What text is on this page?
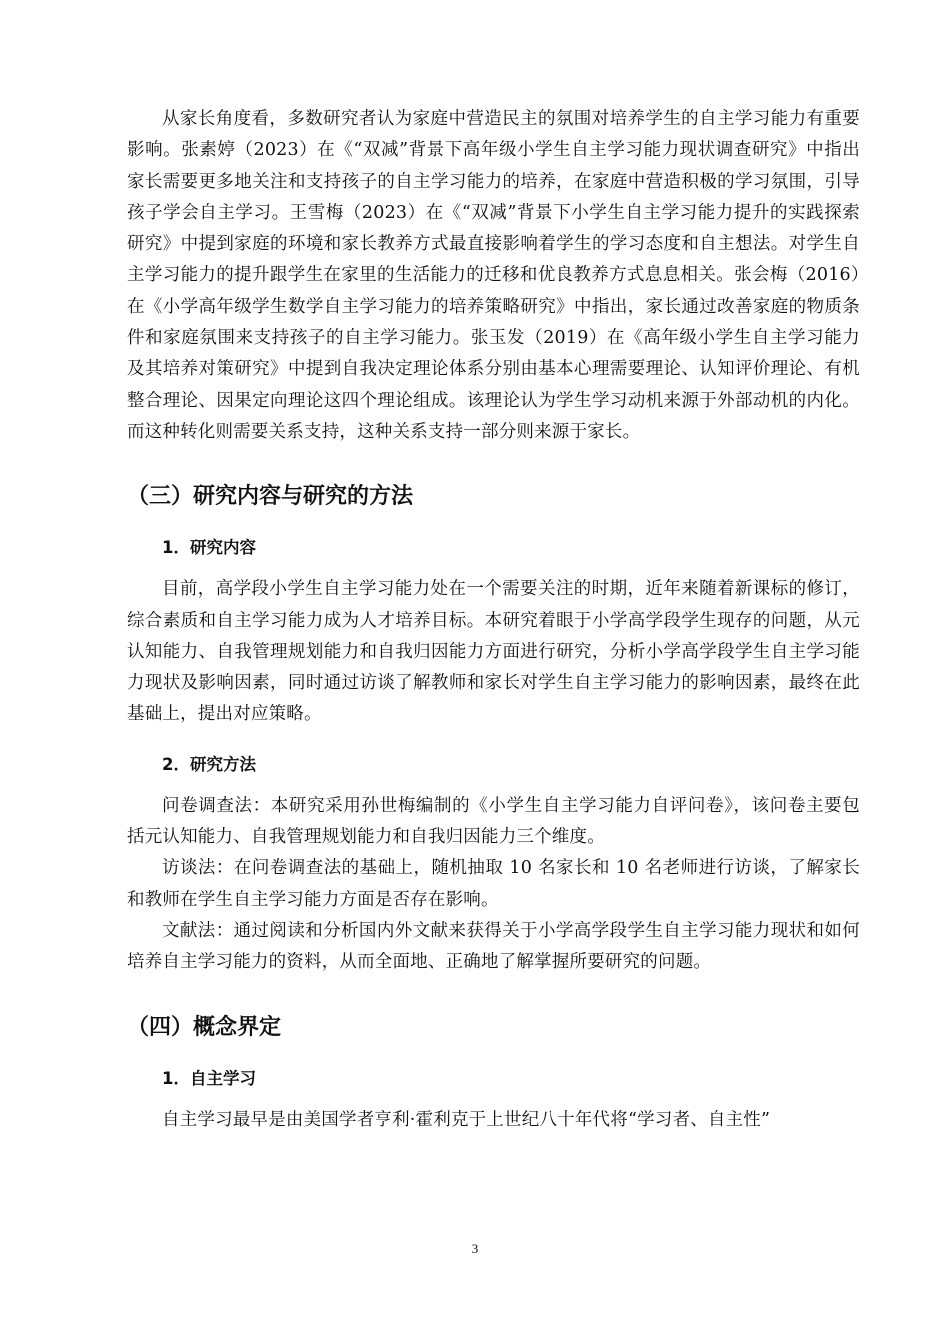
从家长角度看，多数研究者认为家庭中营造民主的氛围对培养学生的自主学习能力有重要影响。张素婷（2023）在《“双减”背景下高年级小学生自主学习能力现状调查研究》中指出家长需要更多地关注和支持孩子的自主学习能力的培养，在家庭中营造积极的学习氛围，引导孩子学会自主学习。王雪梅（2023）在《“双减”背景下小学生自主学习能力提升的实践探索研究》中提到家庭的环境和家长教养方式最直接影响着学生的学习态度和自主想法。对学生自主学习能力的提升跟学生在家里的生活能力的迁移和优良教养方式息息相关。张会梅（2016）在《小学高年级学生数学自主学习能力的培养策略研究》中指出，家长通过改善家庭的物质条件和家庭氛围来支持孩子的自主学习能力。张玉发（2019）在《高年级小学生自主学习能力及其培养对策研究》中提到自我决定理论体系分别由基本心理需要理论、认知评价理论、有机整合理论、因果定向理论这四个理论组成。该理论认为学生学习动机来源于外部动机的内化。而这种转化则需要关系支持，这种关系支持一部分则来源于家长。

（三）研究内容与研究的方法
1．研究内容

目前，高学段小学生自主学习能力处在一个需要关注的时期，近年来随着新课标的修订，综合素质和自主学习能力成为人才培养目标。本研究着眼于小学高学段学生现存的问题，从元认知能力、自我管理规划能力和自我归因能力方面进行研究，分析小学高学段学生自主学习能力现状及影响因素，同时通过访谈了解教师和家长对学生自主学习能力的影响因素，最终在此基础上，提出对应策略。

2．研究方法

问卷调查法：本研究采用孙世梅编制的《小学生自主学习能力自评问卷》，该问卷主要包括元认知能力、自我管理规划能力和自我归因能力三个维度。

访谈法：在问卷调查法的基础上，随机抽取 10 名家长和 10 名老师进行访谈，了解家长和教师在学生自主学习能力方面是否存在影响。

文献法：通过阅读和分析国内外文献来获得关于小学高学段学生自主学习能力现状和如何培养自主学习能力的资料，从而全面地、正确地了解掌握所要研究的问题。

（四）概念界定
1．自主学习

自主学习最早是由美国学者亨利·霍利克于上世纪八十年代将“学习者、自主性”

3
